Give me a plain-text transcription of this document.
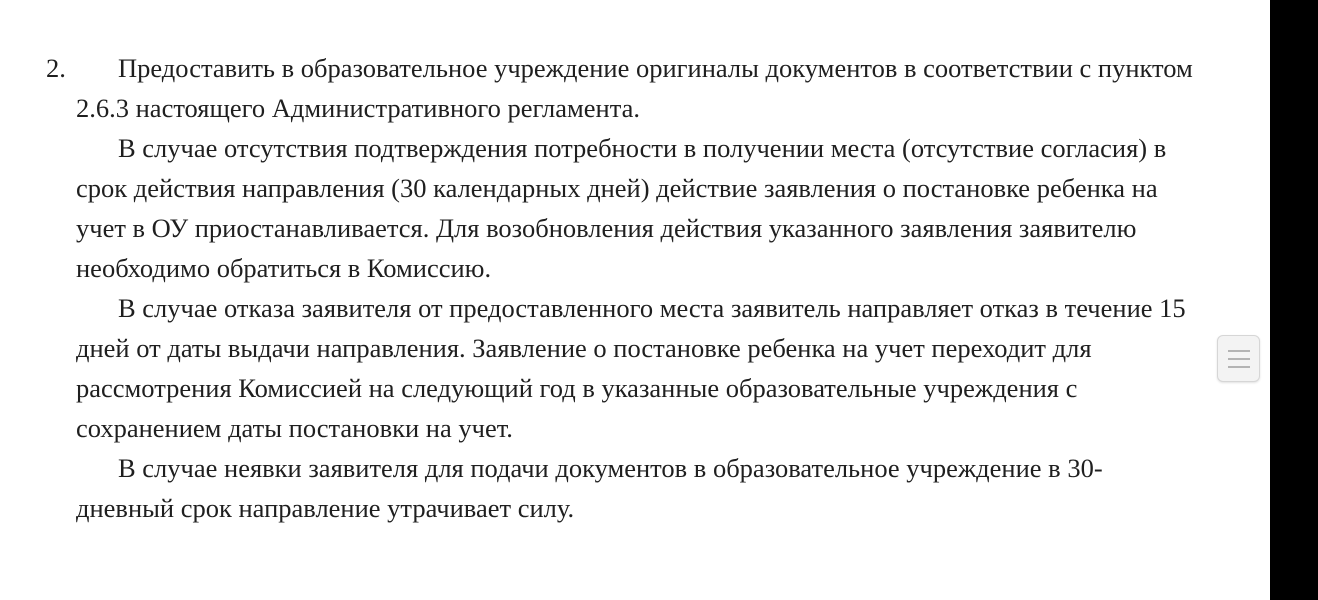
2. Предоставить в образовательное учреждение оригиналы документов в соответствии с пунктом 2.6.3 настоящего Административного регламента.

В случае отсутствия подтверждения потребности в получении места (отсутствие согласия) в срок действия направления (30 календарных дней) действие заявления о постановке ребенка на учет в ОУ приостанавливается. Для возобновления действия указанного заявления заявителю необходимо обратиться в Комиссию.

В случае отказа заявителя от предоставленного места заявитель направляет отказ в течение 15 дней от даты выдачи направления. Заявление о постановке ребенка на учет переходит для рассмотрения Комиссией на следующий год в указанные образовательные учреждения с сохранением даты постановки на учет.

В случае неявки заявителя для подачи документов в образовательное учреждение в 30-дневный срок направление утрачивает силу.
